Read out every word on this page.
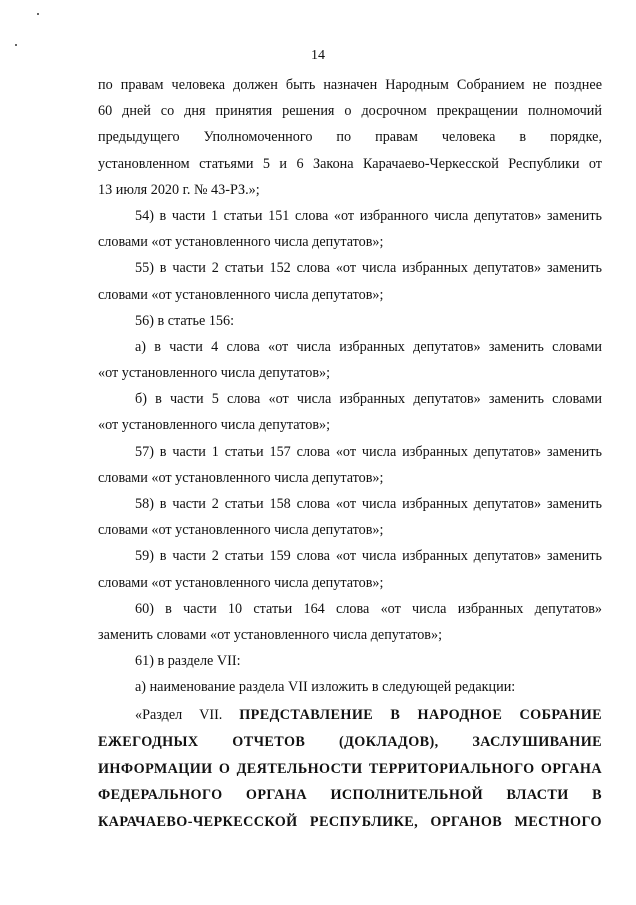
14
по правам человека должен быть назначен Народным Собранием не позднее
60 дней со дня принятия решения о досрочном прекращении полномочий
предыдущего Уполномоченного по правам человека в порядке,
установленном статьями 5 и 6 Закона Карачаево-Черкесской Республики от
13 июля 2020 г. № 43-РЗ.»;
54) в части 1 статьи 151 слова «от избранного числа депутатов» заменить
словами «от установленного числа депутатов»;
55) в части 2 статьи 152 слова «от числа избранных депутатов» заменить
словами «от установленного числа депутатов»;
56) в статье 156:
а) в части 4 слова «от числа избранных депутатов» заменить словами
«от установленного числа депутатов»;
б) в части 5 слова «от числа избранных депутатов» заменить словами
«от установленного числа депутатов»;
57) в части 1 статьи 157 слова «от числа избранных депутатов» заменить
словами «от установленного числа депутатов»;
58) в части 2 статьи 158 слова «от числа избранных депутатов» заменить
словами «от установленного числа депутатов»;
59) в части 2 статьи 159 слова «от числа избранных депутатов» заменить
словами «от установленного числа депутатов»;
60) в части 10 статьи 164 слова «от числа избранных депутатов»
заменить словами «от установленного числа депутатов»;
61) в разделе VII:
а) наименование раздела VII изложить в следующей редакции:
«Раздел VII. ПРЕДСТАВЛЕНИЕ В НАРОДНОЕ СОБРАНИЕ
ЕЖЕГОДНЫХ ОТЧЕТОВ (ДОКЛАДОВ), ЗАСЛУШИВАНИЕ
ИНФОРМАЦИИ О ДЕЯТЕЛЬНОСТИ ТЕРРИТОРИАЛЬНОГО ОРГАНА
ФЕДЕРАЛЬНОГО ОРГАНА ИСПОЛНИТЕЛЬНОЙ ВЛАСТИ В
КАРАЧАЕВО-ЧЕРКЕССКОЙ РЕСПУБЛИКЕ, ОРГАНОВ МЕСТНОГО
